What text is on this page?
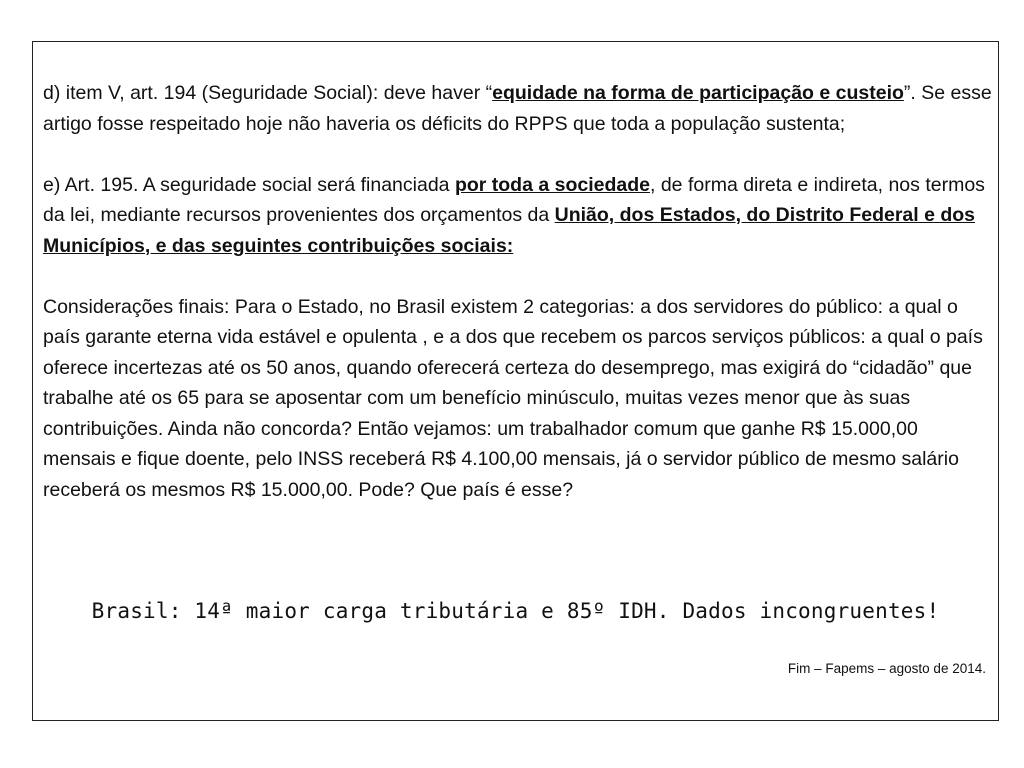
d) item V, art. 194 (Seguridade Social): deve haver “equidade na forma de participação e custeio”. Se esse artigo fosse respeitado hoje não haveria os déficits do RPPS que toda a população sustenta;

e) Art. 195. A seguridade social será financiada por toda a sociedade, de forma direta e indireta, nos termos da lei, mediante recursos provenientes dos orçamentos da União, dos Estados, do Distrito Federal e dos Municípios, e das seguintes contribuições sociais:

Considerações finais: Para o Estado, no Brasil existem 2 categorias: a dos servidores do público: a qual o país garante eterna vida estável e opulenta , e a dos que recebem os parcos serviços públicos: a qual o país oferece incertezas até os 50 anos, quando oferecerá certeza do desemprego, mas exigirá do “cidadão” que trabalhe até os 65 para se aposentar com um benefício minúsculo, muitas vezes menor que às suas contribuições. Ainda não concorda? Então vejamos: um trabalhador comum que ganhe R$ 15.000,00 mensais e fique doente, pelo INSS receberá R$ 4.100,00 mensais, já o servidor público de mesmo salário receberá os mesmos R$ 15.000,00. Pode? Que país é esse?

Brasil: 14ª maior carga tributária e 85º IDH. Dados incongruentes!
Fim – Fapems – agosto de 2014.
